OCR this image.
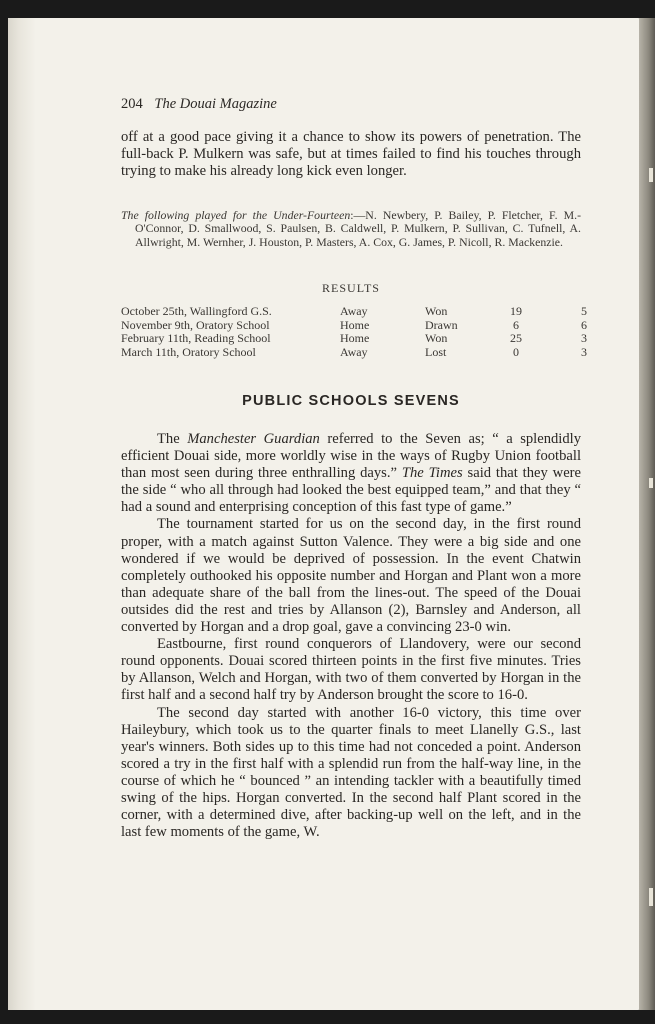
204 The Douai Magazine

off at a good pace giving it a chance to show its powers of penetration. The full-back P. Mulkern was safe, but at times failed to find his touches through trying to make his already long kick even longer.

The following played for the Under-Fourteen:—N. Newbery, P. Bailey, P. Fletcher, F. M.-O'Connor, D. Smallwood, S. Paulsen, B. Caldwell, P. Mulkern, P. Sullivan, C. Tufnell, A. Allwright, M. Wernher, J. Houston, P. Masters, A. Cox, G. James, P. Nicoll, R. Mackenzie.

RESULTS
October 25th, Wallingford G.S.	Away	Won	19	5
November 9th, Oratory School	Home	Drawn	6	6
February 11th, Reading School	Home	Won	25	3
March 11th, Oratory School	Away	Lost	0	3
PUBLIC SCHOOLS SEVENS

The Manchester Guardian referred to the Seven as; “ a splendidly efficient Douai side, more worldly wise in the ways of Rugby Union football than most seen during three enthralling days.” The Times said that they were the side “ who all through had looked the best equipped team,” and that they “ had a sound and enterprising conception of this fast type of game.”

The tournament started for us on the second day, in the first round proper, with a match against Sutton Valence. They were a big side and one wondered if we would be deprived of possession. In the event Chatwin completely outhooked his opposite number and Horgan and Plant won a more than adequate share of the ball from the lines-out. The speed of the Douai outsides did the rest and tries by Allanson (2), Barnsley and Anderson, all converted by Horgan and a drop goal, gave a convincing 23-0 win.

Eastbourne, first round conquerors of Llandovery, were our second round opponents. Douai scored thirteen points in the first five minutes. Tries by Allanson, Welch and Horgan, with two of them converted by Horgan in the first half and a second half try by Anderson brought the score to 16-0.

The second day started with another 16-0 victory, this time over Haileybury, which took us to the quarter finals to meet Llanelly G.S., last year's winners. Both sides up to this time had not conceded a point. Anderson scored a try in the first half with a splendid run from the half-way line, in the course of which he “ bounced ” an intending tackler with a beautifully timed swing of the hips. Horgan converted. In the second half Plant scored in the corner, with a determined dive, after backing-up well on the left, and in the last few moments of the game, W.
